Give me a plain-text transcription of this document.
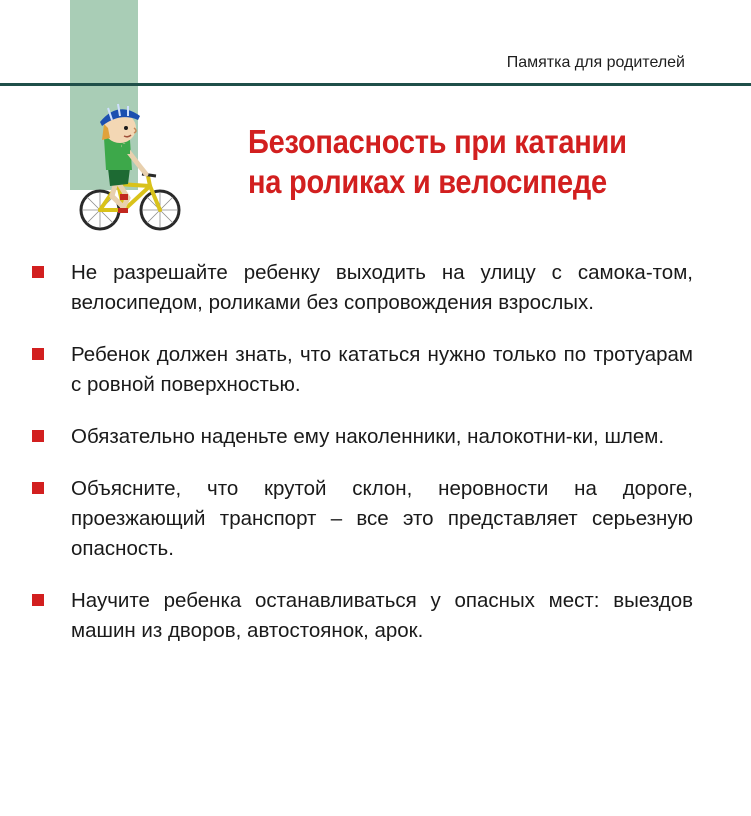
Памятка для родителей
Безопасность при катании
на роликах и велосипеде
Не разрешайте ребенку выходить на улицу с самока-том, велосипедом, роликами без сопровождения взрослых.
Ребенок должен знать, что кататься нужно только по тротуарам с ровной поверхностью.
Обязательно наденьте ему наколенники, налокотни-ки, шлем.
Объясните, что крутой склон, неровности на дороге, проезжающий транспорт – все это представляет серьезную опасность.
Научите ребенка останавливаться у опасных мест: выездов машин из дворов, автостоянок, арок.
